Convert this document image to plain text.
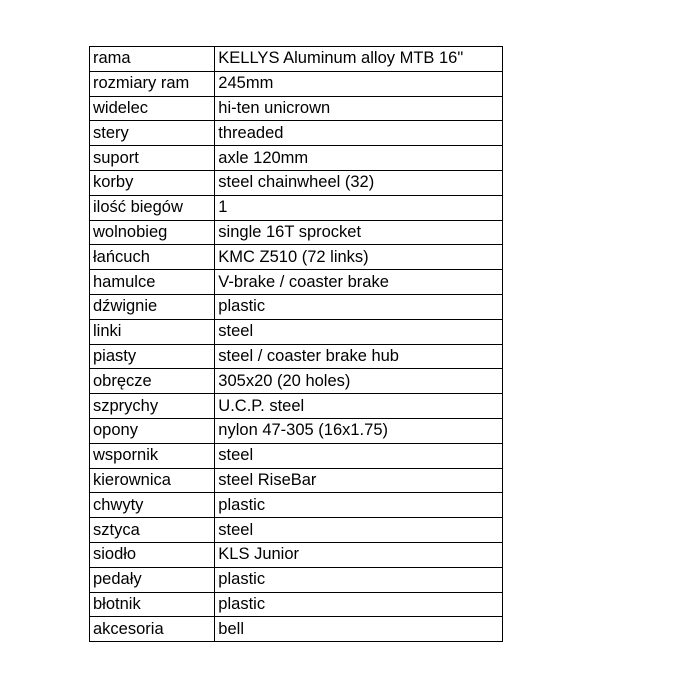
rama	KELLYS Aluminum alloy MTB 16"
rozmiary ram	245mm
widelec	hi-ten unicrown
stery	threaded
suport	axle 120mm
korby	steel chainwheel (32)
ilość biegów	1
wolnobieg	single 16T sprocket
łańcuch	KMC Z510 (72 links)
hamulce	V-brake / coaster brake
dźwignie	plastic
linki	steel
piasty	steel / coaster brake hub
obręcze	305x20 (20 holes)
szprychy	U.C.P. steel
opony	nylon 47-305 (16x1.75)
wspornik	steel
kierownica	steel RiseBar
chwyty	plastic
sztyca	steel
siodło	KLS Junior
pedały	plastic
błotnik	plastic
akcesoria	bell
